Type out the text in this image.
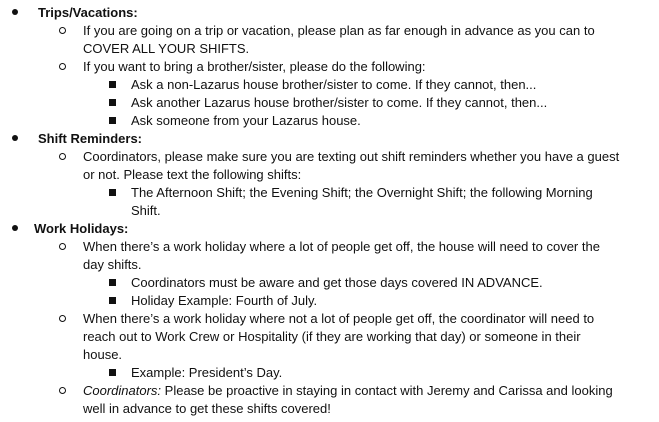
Trips/Vacations:
If you are going on a trip or vacation, please plan as far enough in advance as you can to
COVER ALL YOUR SHIFTS.
If you want to bring a brother/sister, please do the following:
Ask a non-Lazarus house brother/sister to come. If they cannot, then...
Ask another Lazarus house brother/sister to come. If they cannot, then...
Ask someone from your Lazarus house.
Shift Reminders:
Coordinators, please make sure you are texting out shift reminders whether you have a guest
or not. Please text the following shifts:
The Afternoon Shift; the Evening Shift; the Overnight Shift; the following Morning
Shift.
Work Holidays:
When there’s a work holiday where a lot of people get off, the house will need to cover the
day shifts.
Coordinators must be aware and get those days covered IN ADVANCE.
Holiday Example: Fourth of July.
When there’s a work holiday where not a lot of people get off, the coordinator will need to
reach out to Work Crew or Hospitality (if they are working that day) or someone in their
house.
Example: President’s Day.
Coordinators: Please be proactive in staying in contact with Jeremy and Carissa and looking
well in advance to get these shifts covered!
